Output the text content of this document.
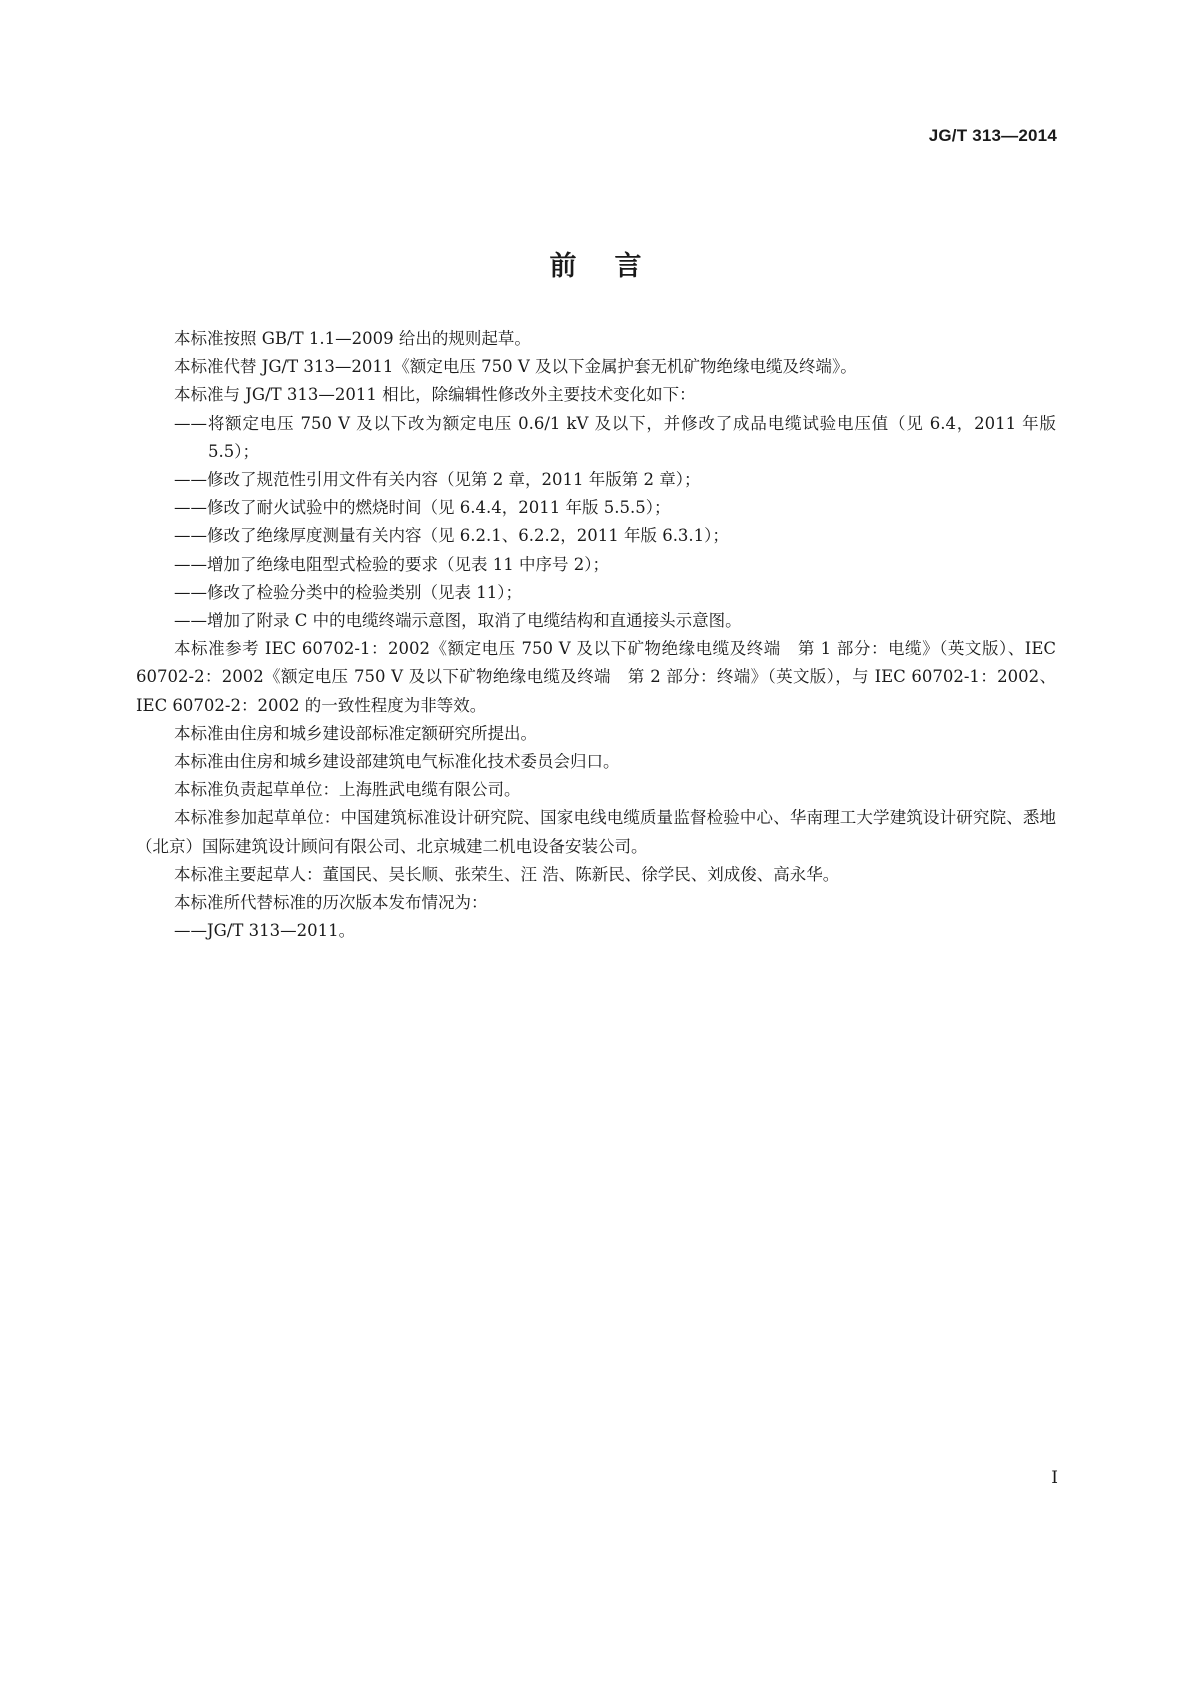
JG/T 313—2014
前言

本标准按照 GB/T 1.1—2009 给出的规则起草。

本标准代替 JG/T 313—2011《额定电压 750 V 及以下金属护套无机矿物绝缘电缆及终端》。

本标准与 JG/T 313—2011 相比，除编辑性修改外主要技术变化如下：

——将额定电压 750 V 及以下改为额定电压 0.6/1 kV 及以下，并修改了成品电缆试验电压值（见 6.4，2011 年版 5.5）；

——修改了规范性引用文件有关内容（见第 2 章，2011 年版第 2 章）；

——修改了耐火试验中的燃烧时间（见 6.4.4，2011 年版 5.5.5）；

——修改了绝缘厚度测量有关内容（见 6.2.1、6.2.2，2011 年版 6.3.1）；

——增加了绝缘电阻型式检验的要求（见表 11 中序号 2）；

——修改了检验分类中的检验类别（见表 11）；

——增加了附录 C 中的电缆终端示意图，取消了电缆结构和直通接头示意图。

本标准参考 IEC 60702-1：2002《额定电压 750 V 及以下矿物绝缘电缆及终端　第 1 部分：电缆》（英文版）、IEC 60702-2：2002《额定电压 750 V 及以下矿物绝缘电缆及终端　第 2 部分：终端》（英文版），与 IEC 60702-1：2002、IEC 60702-2：2002 的一致性程度为非等效。

本标准由住房和城乡建设部标准定额研究所提出。

本标准由住房和城乡建设部建筑电气标准化技术委员会归口。

本标准负责起草单位：上海胜武电缆有限公司。

本标准参加起草单位：中国建筑标准设计研究院、国家电线电缆质量监督检验中心、华南理工大学建筑设计研究院、悉地（北京）国际建筑设计顾问有限公司、北京城建二机电设备安装公司。

本标准主要起草人：董国民、吴长顺、张荣生、汪 浩、陈新民、徐学民、刘成俊、高永华。

本标准所代替标准的历次版本发布情况为：

——JG/T 313—2011。

I
